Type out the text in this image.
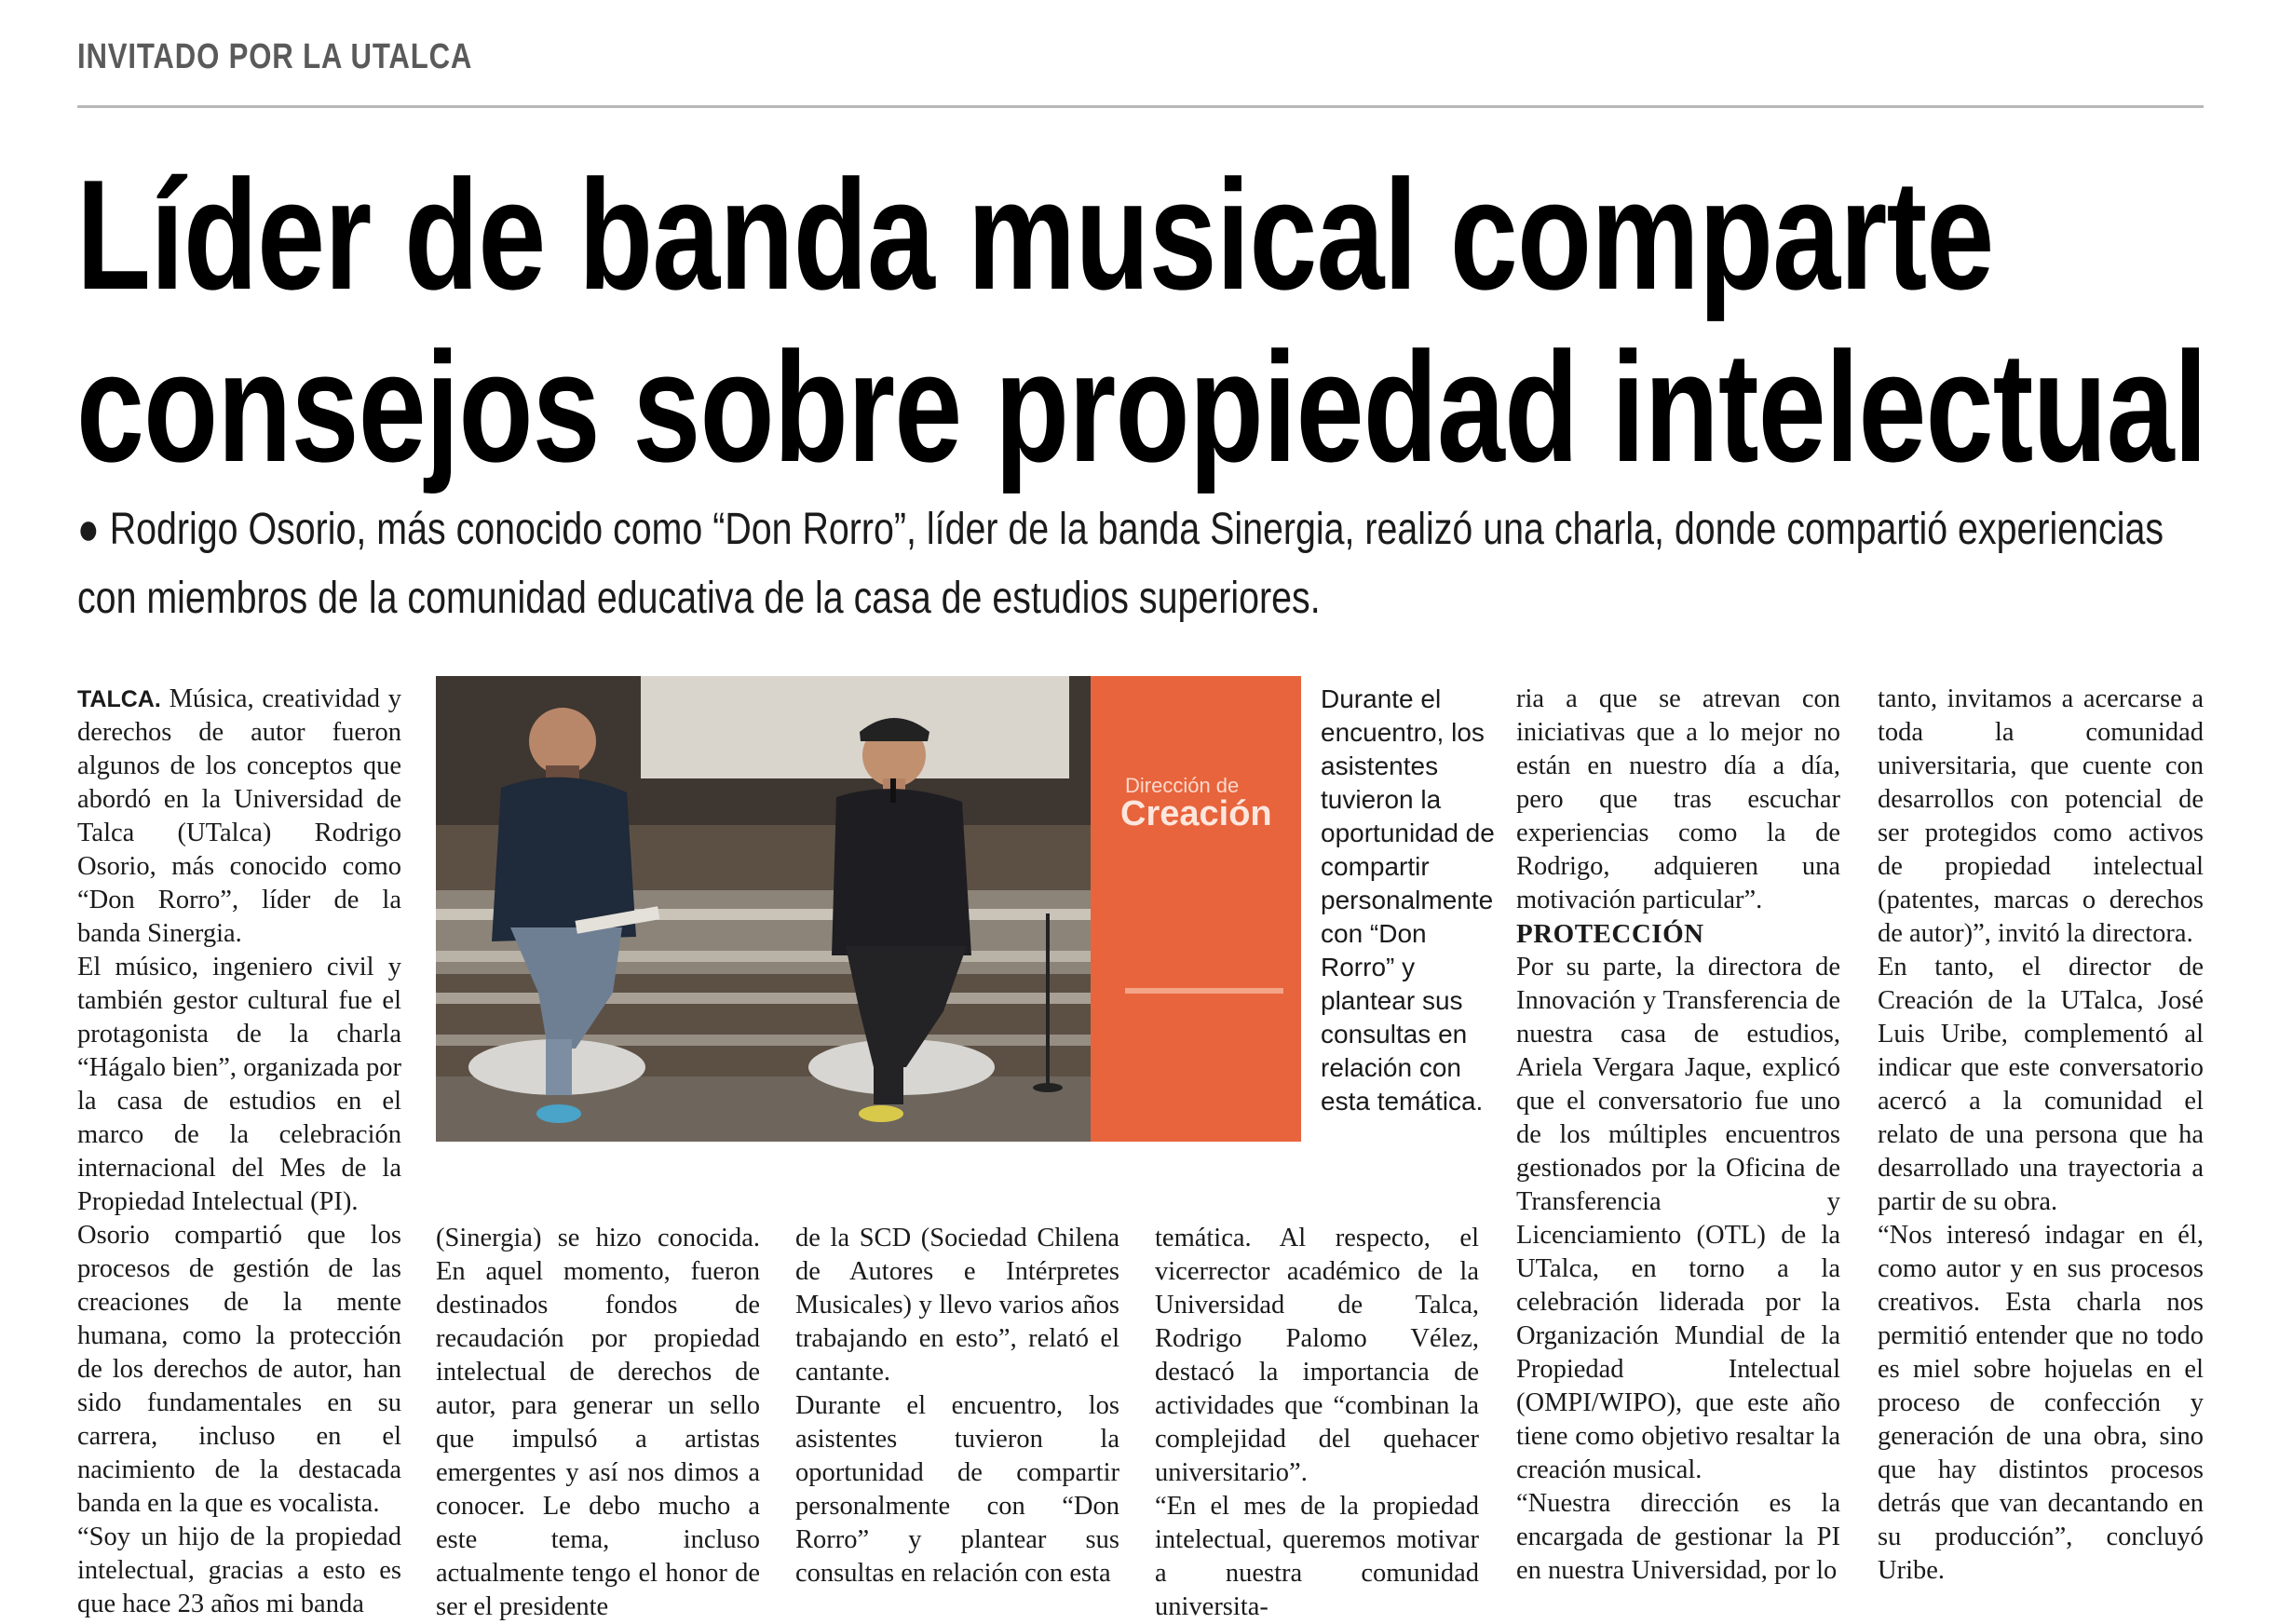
INVITADO POR LA UTALCA
Líder de banda musical comparte
consejos sobre propiedad intelectual

● Rodrigo Osorio, más conocido como “Don Rorro”, líder de la banda Sinergia, realizó una charla, donde compartió experiencias con miembros de la comunidad educativa de la casa de estudios superiores.

TALCA. Música, creatividad y derechos de autor fueron algunos de los conceptos que abordó en la Universidad de Talca (UTalca) Rodrigo Osorio, más conocido como “Don Rorro”, líder de la banda Sinergia.

El músico, ingeniero civil y también gestor cultural fue el protagonista de la charla “Hágalo bien”, organizada por la casa de estudios en el marco de la celebración internacional del Mes de la Propiedad Intelectual (PI).

Osorio compartió que los procesos de gestión de las creaciones de la mente humana, como la protección de los derechos de autor, han sido fundamentales en su carrera, incluso en el nacimiento de la destacada banda en la que es vocalista.

“Soy un hijo de la propiedad intelectual, gracias a esto es que hace 23 años mi banda

Dirección de
Creación
Durante el encuentro, los asistentes tuvieron la oportunidad de compartir personalmente con “Don Rorro” y plantear sus consultas en relación con esta temática.

(Sinergia) se hizo conocida. En aquel momento, fueron destinados fondos de recaudación por propiedad intelectual de derechos de autor, para generar un sello que impulsó a artistas emergentes y así nos dimos a conocer. Le debo mucho a este tema, incluso actualmente tengo el honor de ser el presidente

de la SCD (Sociedad Chilena de Autores e Intérpretes Musicales) y llevo varios años trabajando en esto”, relató el cantante.

Durante el encuentro, los asistentes tuvieron la oportunidad de compartir personalmente con “Don Rorro” y plantear sus consultas en relación con esta

temática. Al respecto, el vicerrector académico de la Universidad de Talca, Rodrigo Palomo Vélez, destacó la importancia de actividades que “combinan la complejidad del quehacer universitario”.

“En el mes de la propiedad intelectual, queremos motivar a nuestra comunidad universita-

ria a que se atrevan con iniciativas que a lo mejor no están en nuestro día a día, pero que tras escuchar experiencias como la de Rodrigo, adquieren una motivación particular”.

PROTECCIÓN

Por su parte, la directora de Innovación y Transferencia de nuestra casa de estudios, Ariela Vergara Jaque, explicó que el conversatorio fue uno de los múltiples encuentros gestionados por la Oficina de Transferencia y Licenciamiento (OTL) de la UTalca, en torno a la celebración liderada por la Organización Mundial de la Propiedad Intelectual (OMPI/WIPO), que este año tiene como objetivo resaltar la creación musical.

“Nuestra dirección es la encargada de gestionar la PI en nuestra Universidad, por lo

tanto, invitamos a acercarse a toda la comunidad universitaria, que cuente con desarrollos con potencial de ser protegidos como activos de propiedad intelectual (patentes, marcas o derechos de autor)”, invitó la directora.

En tanto, el director de Creación de la UTalca, José Luis Uribe, complementó al indicar que este conversatorio acercó a la comunidad el relato de una persona que ha desarrollado una trayectoria a partir de su obra.

“Nos interesó indagar en él, como autor y en sus procesos creativos. Esta charla nos permitió entender que no todo es miel sobre hojuelas en el proceso de confección y generación de una obra, sino que hay distintos procesos detrás que van decantando en su producción”, concluyó Uribe.
